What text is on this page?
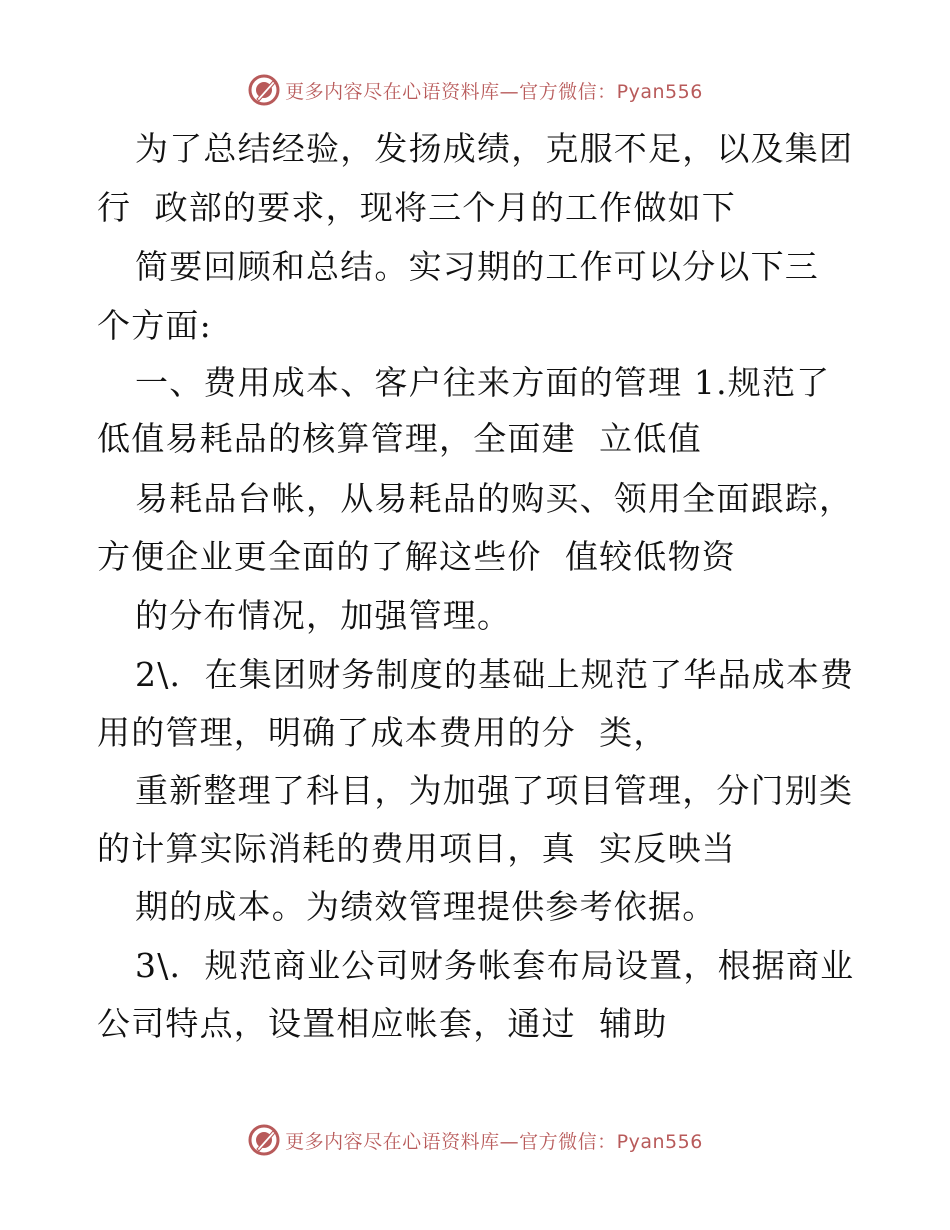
更多内容尽在心语资料库—官方微信：Pyan556
为了总结经验，发扬成绩，克服不足，以及集团
行  政部的要求，现将三个月的工作做如下
简要回顾和总结。实习期的工作可以分以下三
个方面:
一、费用成本、客户往来方面的管理 1.规范了
低值易耗品的核算管理，全面建  立低值
易耗品台帐，从易耗品的购买、领用全面跟踪，
方便企业更全面的了解这些价  值较低物资
的分布情况，加强管理。
2\.  在集团财务制度的基础上规范了华品成本费
用的管理，明确了成本费用的分  类，
重新整理了科目，为加强了项目管理，分门别类
的计算实际消耗的费用项目，真  实反映当
期的成本。为绩效管理提供参考依据。
3\.  规范商业公司财务帐套布局设置，根据商业
公司特点，设置相应帐套，通过  辅助
更多内容尽在心语资料库—官方微信：Pyan556
